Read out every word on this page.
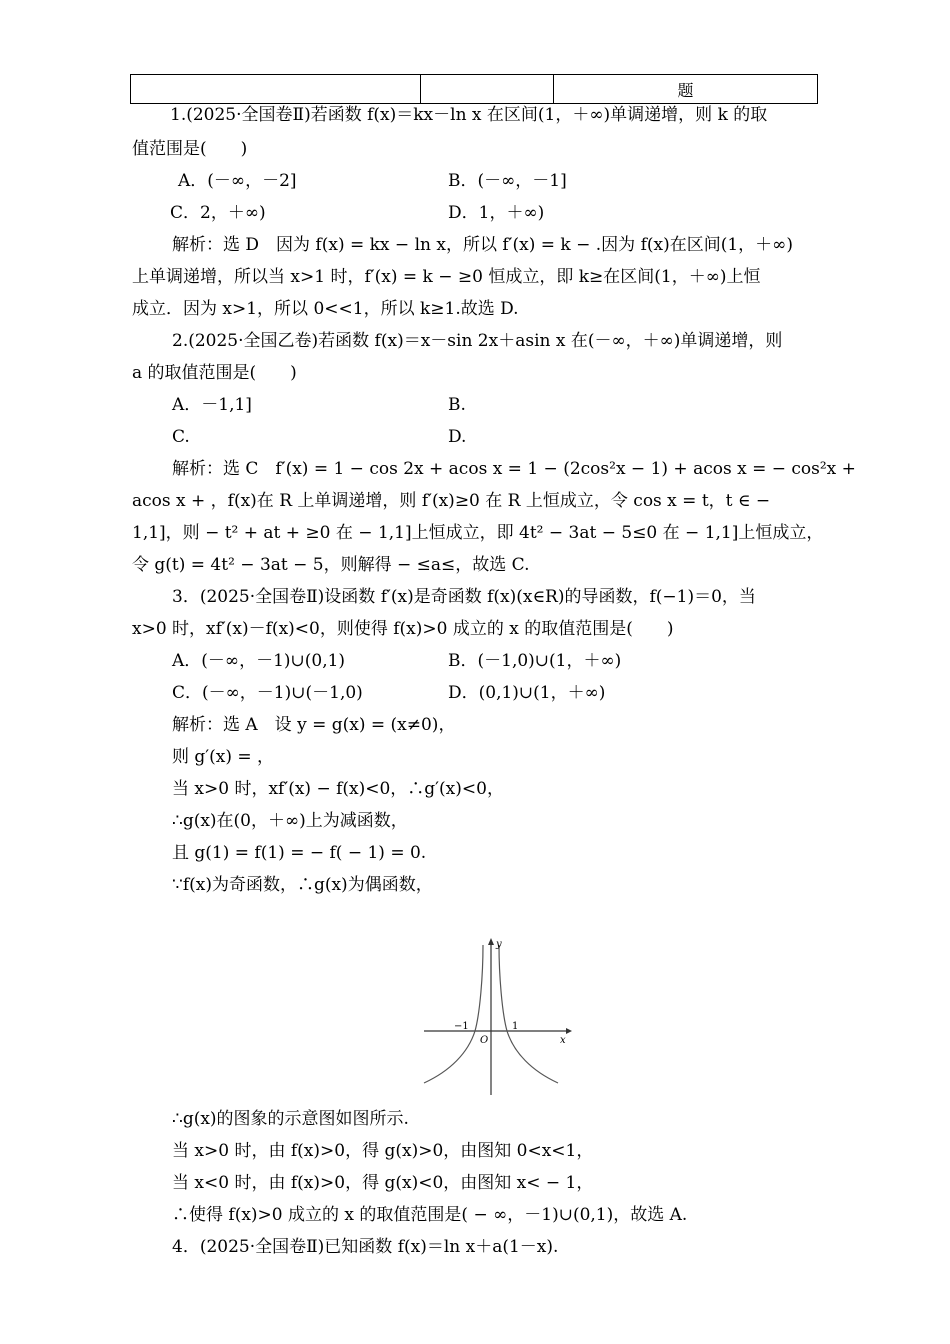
		题
1.(2025·全国卷Ⅱ)若函数 f(x)＝kx－ln x 在区间(1，＋∞)单调递增，则 k 的取
值范围是(　　)
A．(－∞，－2]	B．(－∞，－1]
C．2，＋∞)	D．1，＋∞)
解析：选 D　因为 f(x) = kx − ln x，所以 f′(x) = k − .因为 f(x)在区间(1，＋∞)
上单调递增，所以当 x>1 时，f′(x) = k − ≥0 恒成立，即 k≥在区间(1，＋∞)上恒
成立．因为 x>1，所以 0<<1，所以 k≥1.故选 D.
2.(2025·全国乙卷)若函数 f(x)＝x－sin 2x＋asin x 在(－∞，＋∞)单调递增，则
a 的取值范围是(　　)
A．－1,1]	B.
C.	D.
解析：选 C　f′(x) = 1 − cos 2x + acos x = 1 − (2cos²x − 1) + acos x = − cos²x +
acos x + ，f(x)在 R 上单调递增，则 f′(x)≥0 在 R 上恒成立，令 cos x = t，t ∈ −
1,1]，则 − t² + at + ≥0 在 − 1,1]上恒成立，即 4t² − 3at − 5≤0 在 − 1,1]上恒成立，
令 g(t) = 4t² − 3at − 5，则解得 − ≤a≤，故选 C.
3．(2025·全国卷Ⅱ)设函数 f′(x)是奇函数 f(x)(x∈R)的导函数，f(−1)＝0，当
x>0 时，xf′(x)－f(x)<0，则使得 f(x)>0 成立的 x 的取值范围是(　　)
A．(－∞，－1)∪(0,1)	B．(－1,0)∪(1，＋∞)
C．(－∞，－1)∪(－1,0)	D．(0,1)∪(1，＋∞)
解析：选 A　设 y = g(x) = (x≠0)，
则 g′(x) = ，
当 x>0 时，xf′(x) − f(x)<0，∴g′(x)<0，
∴g(x)在(0，＋∞)上为减函数，
且 g(1) = f(1) = − f( − 1) = 0.
∵f(x)为奇函数，∴g(x)为偶函数，
y
x
O
−1	1
∴g(x)的图象的示意图如图所示.
当 x>0 时，由 f(x)>0，得 g(x)>0，由图知 0<x<1，
当 x<0 时，由 f(x)>0，得 g(x)<0，由图知 x< − 1，
∴使得 f(x)>0 成立的 x 的取值范围是( − ∞，－1)∪(0,1)，故选 A.
4．(2025·全国卷Ⅱ)已知函数 f(x)＝ln x＋a(1－x).
